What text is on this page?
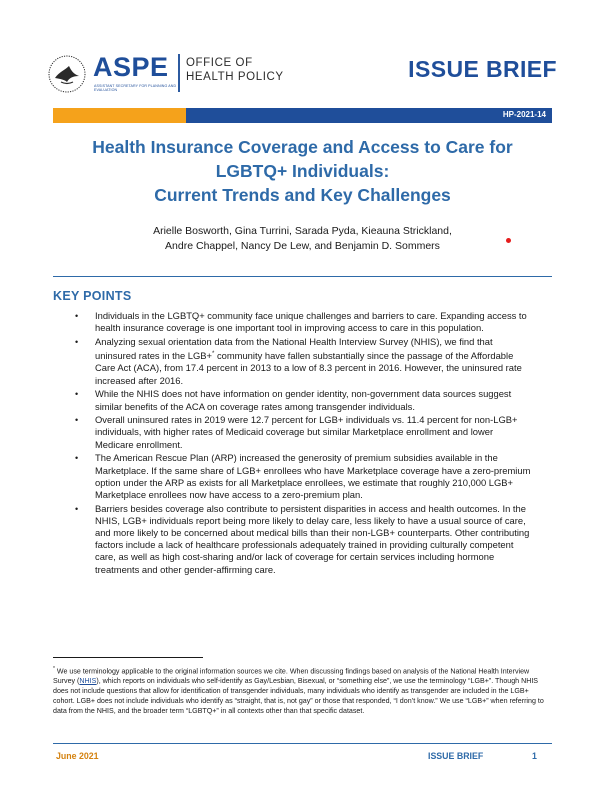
ASPE
ASSISTANT SECRETARY FOR PLANNING AND EVALUATION
OFFICE OF
HEALTH POLICY	ISSUE BRIEF
HP-2021-14
Health Insurance Coverage and Access to Care for
LGBTQ+ Individuals:
Current Trends and Key Challenges
Arielle Bosworth, Gina Turrini, Sarada Pyda, Kieauna Strickland,
Andre Chappel, Nancy De Lew, and Benjamin D. Sommers
KEY POINTS
• Individuals in the LGBTQ+ community face unique challenges and barriers to care. Expanding access to health insurance coverage is one important tool in improving access to care in this population.
• Analyzing sexual orientation data from the National Health Interview Survey (NHIS), we find that uninsured rates in the LGB+* community have fallen substantially since the passage of the Affordable Care Act (ACA), from 17.4 percent in 2013 to a low of 8.3 percent in 2016. However, the uninsured rate increased after 2016.
• While the NHIS does not have information on gender identity, non-government data sources suggest similar benefits of the ACA on coverage rates among transgender individuals.
• Overall uninsured rates in 2019 were 12.7 percent for LGB+ individuals vs. 11.4 percent for non-LGB+ individuals, with higher rates of Medicaid coverage but similar Marketplace enrollment and lower Medicare enrollment.
• The American Rescue Plan (ARP) increased the generosity of premium subsidies available in the Marketplace. If the same share of LGB+ enrollees who have Marketplace coverage have a zero-premium option under the ARP as exists for all Marketplace enrollees, we estimate that roughly 210,000 LGB+ Marketplace enrollees now have access to a zero-premium plan.
• Barriers besides coverage also contribute to persistent disparities in access and health outcomes. In the NHIS, LGB+ individuals report being more likely to delay care, less likely to have a usual source of care, and more likely to be concerned about medical bills than their non-LGB+ counterparts. Other contributing factors include a lack of healthcare professionals adequately trained in providing culturally competent care, as well as high cost-sharing and/or lack of coverage for certain services including hormone treatments and other gender-affirming care.
* We use terminology applicable to the original information sources we cite. When discussing findings based on analysis of the National Health Interview Survey (NHIS), which reports on individuals who self-identify as Gay/Lesbian, Bisexual, or “something else”, we use the terminology “LGB+”. Though NHIS does not include questions that allow for identification of transgender individuals, many individuals who identify as transgender are included in the LGB+ cohort. LGB+ does not include individuals who identify as “straight, that is, not gay” or those that responded, “I don’t know.” We use “LGB+” when referring to data from the NHIS, and the broader term “LGBTQ+” in all contexts other than that specific dataset.
June 2021	ISSUE BRIEF	1
